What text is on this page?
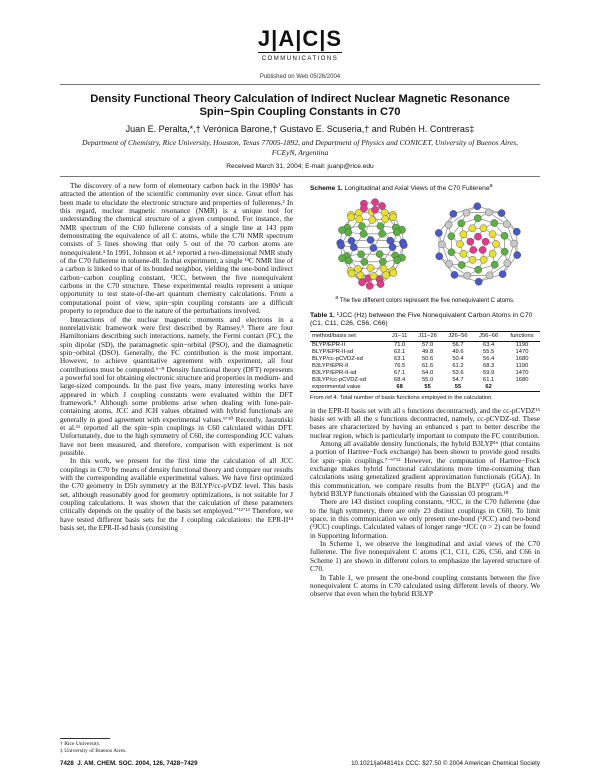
J|A|C|S
COMMUNICATIONS
Published on Web 05/26/2004
Density Functional Theory Calculation of Indirect Nuclear Magnetic Resonance Spin−Spin Coupling Constants in C70
Juan E. Peralta,*,† Verónica Barone,† Gustavo E. Scuseria,† and Rubén H. Contreras‡
Department of Chemistry, Rice University, Houston, Texas 77005-1892, and Department of Physics and CONICET, University of Buenos Aires, FCEyN, Argentina
Received March 31, 2004; E-mail: juanp@rice.edu

The discovery of a new form of elementary carbon back in the 1980s¹ has attracted the attention of the scientific community ever since. Great effort has been made to elucidate the electronic structure and properties of fullerenes.² In this regard, nuclear magnetic resonance (NMR) is a unique tool for understanding the chemical structure of a given compound. For instance, the NMR spectrum of the C60 fullerene consists of a single line at 143 ppm demonstrating the equivalence of all C atoms, while the C70 NMR spectrum consists of 5 lines showing that only 5 out of the 70 carbon atoms are nonequivalent.³ In 1991, Johnson et al.⁴ reported a two-dimensional NMR study of the C70 fullerene in toluene-d8. In that experiment, a single ¹³C NMR line of a carbon is linked to that of its bonded neighbor, yielding the one-bond indirect carbon−carbon coupling constant, ¹JCC, between the five nonequivalent carbons in the C70 structure. These experimental results represent a unique opportunity to test state-of-the-art quantum chemistry calculations. From a computational point of view, spin−spin coupling constants are a difficult property to reproduce due to the nature of the perturbations involved.

Interactions of the nuclear magnetic moments and electrons in a nonrelativistic framework were first described by Ramsey.⁵ There are four Hamiltonians describing such interactions, namely, the Fermi contact (FC), the spin dipolar (SD), the paramagnetic spin−orbital (PSO), and the diamagnetic spin−orbital (DSO). Generally, the FC contribution is the most important. However, to achieve quantitative agreement with experiment, all four contributions must be computed.⁶⁻⁸ Density functional theory (DFT) represents a powerful tool for obtaining electronic structure and properties in medium- and large-sized compounds. In the past five years, many interesting works have appeared in which J coupling constants were evaluated within the DFT framework.⁹ Although some problems arise when dealing with lone-pair-containing atoms, JCC and JCH values obtained with hybrid functionals are generally in good agreement with experimental values.⁹ʼ¹⁰ Recently, Jaszuński et al.¹¹ reported all the spin−spin couplings in C60 calculated within DFT. Unfortunately, due to the high symmetry of C60, the corresponding JCC values have not been measured, and therefore, comparison with experiment is not possible.

In this work, we present for the first time the calculation of all JCC couplings in C70 by means of density functional theory and compare our results with the corresponding available experimental values. We have first optimized the C70 geometry in D5h symmetry at the B3LYP/cc-pVDZ level. This basis set, although reasonably good for geometry optimizations, is not suitable for J coupling calculations. It was shown that the calculation of these parameters critically depends on the quality of the basis set employed.⁷ʼ¹²ʼ¹³ Therefore, we have tested different basis sets for the J coupling calculations: the EPR-II¹⁴ basis set, the EPR-II-sd basis (consisting

Scheme 1. Longitudinal and Axial Views of the C70 Fullerene$^a$
$^a$ The five different colors represent the five nonequivalent C atoms.
Table 1. ¹JCC (Hz) between the Five Nonequivalent Carbon Atoms in C70 (C1, C11, C26, C56, C66)
method/basis set	J1−11	J11−26	J26−56	J56−66	functions
BLYP/EPR-II	71.0	57.0	56.7	63.4	1190
BLYP/EPR-II-sd	62.1	49.8	49.6	55.5	1470
BLYP/cc-pCVDZ-sd	63.1	50.6	50.4	56.4	1680
B3LYP/EPR-II	76.5	61.6	61.2	68.3	1190
B3LYP/EPR-II-sd	67.1	54.0	53.6	59.9	1470
B3LYP/cc-pCVDZ-sd	68.4	55.0	54.7	61.1	1680
experimental value	68	55	55	62	
From ref 4. Total number of basis functions employed in the calculation.

in the EPR-II basis set with all s functions decontracted), and the cc-pCVDZ¹⁵ basis set with all the s functions decontracted, namely, cc-pCVDZ-sd. These bases are characterized by having an enhanced s part to better describe the nuclear region, which is particularly important to compute the FC contribution.

Among all available density functionals, the hybrid B3LYP¹⁶ (that contains a portion of Hartree−Fock exchange) has been shown to provide good results for spin−spin couplings.⁷⁻⁹ʼ¹² However, the computation of Hartree−Fock exchange makes hybrid functional calculations more time-consuming than calculations using generalized gradient approximation functionals (GGA). In this communication, we compare results from the BLYP¹⁷ (GGA) and the hybrid B3LYP functionals obtained with the Gaussian 03 program.¹⁸

There are 143 distinct coupling constants, ⁿJCC, in the C70 fullerene (due to the high symmetry, there are only 23 distinct couplings in C60). To limit space, in this communication we only present one-bond (¹JCC) and two-bond (²JCC) couplings. Calculated values of longer range ⁿJCC (n > 2) can be found in Supporting Information.

In Scheme 1, we observe the longitudinal and axial views of the C70 fullerene. The five nonequivalent C atoms (C1, C11, C26, C56, and C66 in Scheme 1) are shown in different colors to emphasize the layered structure of C70.

In Table 1, we present the one-bond coupling constants between the five nonequivalent C atoms in C70 calculated using different levels of theory. We observe that even when the hybrid B3LYP

† Rice University.
‡ University of Buenos Aires.
7428 J. AM. CHEM. SOC. 2004, 126, 7428−7429	10.1021/ja048141x CCC: $27.50 © 2004 American Chemical Society
